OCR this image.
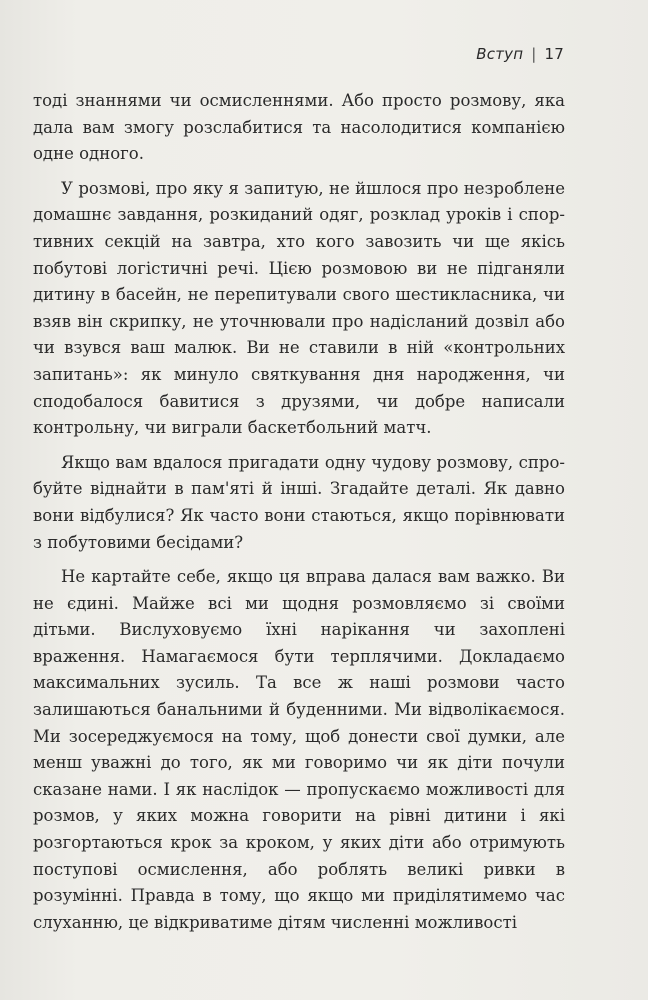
Вступ | 17

тоді знаннями чи осмисленнями. Або просто розмову, яка дала вам змогу розслабитися та насолодитися компанією одне одного.

У розмові, про яку я запитую, не йшлося про незроблене домашнє завдання, розкиданий одяг, розклад уроків і спортивних секцій на завтра, хто кого завозить чи ще якісь побутові логістичні речі. Цією розмовою ви не підганяли дитину в басейн, не перепитували свого шестикласника, чи взяв він скрипку, не уточнювали про надісланий дозвіл або чи взувся ваш малюк. Ви не ставили в ній «контрольних запитань»: як минуло святкування дня народження, чи сподобалося бавитися з друзями, чи добре написали контрольну, чи виграли баскетбольний матч.

Якщо вам вдалося пригадати одну чудову розмову, спробуйте віднайти в пам'яті й інші. Згадайте деталі. Як давно вони відбулися? Як часто вони стаються, якщо порівнювати з побутовими бесідами?

Не картайте себе, якщо ця вправа далася вам важко. Ви не єдині. Майже всі ми щодня розмовляємо зі своїми дітьми. Вислуховуємо їхні нарікання чи захоплені враження. Намагаємося бути терплячими. Докладаємо максимальних зусиль. Та все ж наші розмови часто залишаються банальними й буденними. Ми відволікаємося. Ми зосереджуємося на тому, щоб донести свої думки, але менш уважні до того, як ми говоримо чи як діти почули сказане нами. І як наслідок — пропускаємо можливості для розмов, у яких можна говорити на рівні дитини і які розгортаються крок за кроком, у яких діти або отримують поступові осмислення, або роблять великі ривки в розумінні. Правда в тому, що якщо ми приділятимемо час слуханню, це відкриватиме дітям численні можливості
